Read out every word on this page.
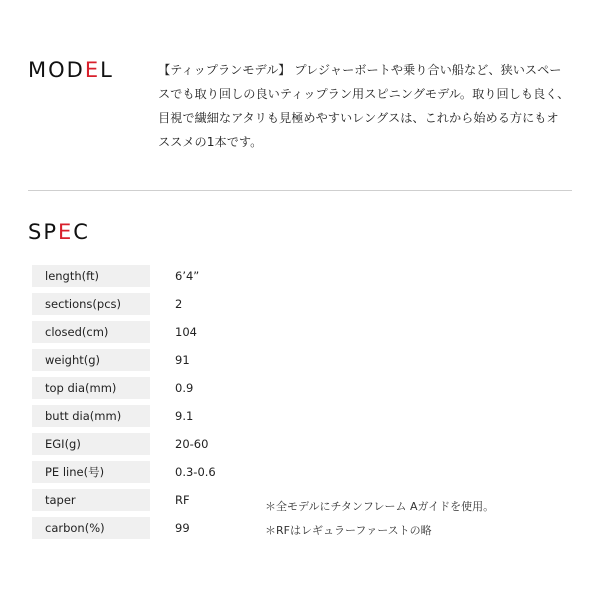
MODEL	【ティップランモデル】 プレジャーボートや乗り合い船など、狭いスペースでも取り回しの良いティップラン用スピニングモデル。取り回しも良く、目視で繊細なアタリも見極めやすいレングスは、これから始める方にもオススメの1本です。

SPEC
length(ft)	6’4”
sections(pcs)	2
closed(cm)	104
weight(g)	91
top dia(mm)	0.9
butt dia(mm)	9.1
EGI(g)	20-60
PE line(号)	0.3-0.6
taper	RF
carbon(%)	99
＊全モデルにチタンフレーム Aガイドを使用。
＊RFはレギュラーファーストの略
